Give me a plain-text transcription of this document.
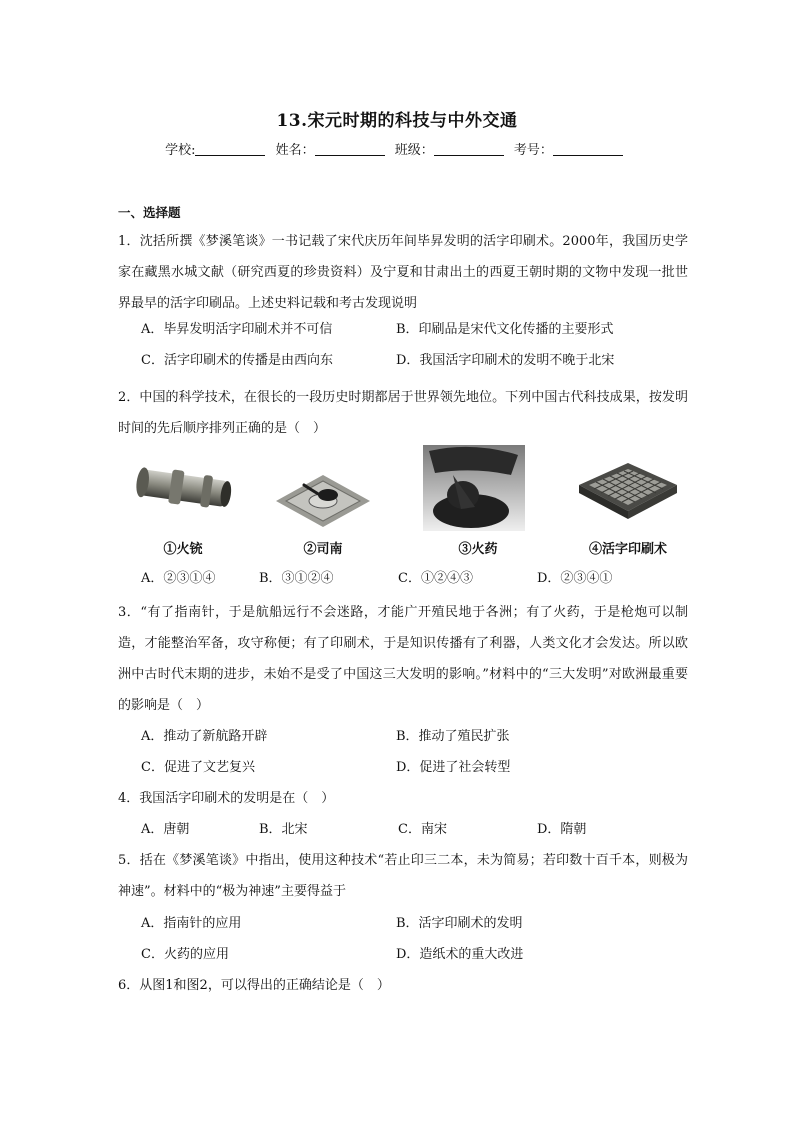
13.宋元时期的科技与中外交通
学校:	姓名：	班级：	考号：
一、选择题
1．沈括所撰《梦溪笔谈》一书记载了宋代庆历年间毕昇发明的活字印刷术。2000年，我国历史学家在藏黑水城文献（研究西夏的珍贵资料）及宁夏和甘肃出土的西夏王朝时期的文物中发现一批世界最早的活字印刷品。上述史料记载和考古发现说明
A．毕昇发明活字印刷术并不可信	B．印刷品是宋代文化传播的主要形式
C．活字印刷术的传播是由西向东	D．我国活字印刷术的发明不晚于北宋
2．中国的科学技术，在很长的一段历史时期都居于世界领先地位。下列中国古代科技成果，按发明时间的先后顺序排列正确的是（　）
①火铳	②司南	③火药	④活字印刷术
A．②③①④	B．③①②④	C．①②④③	D．②③④①
3．“有了指南针，于是航船远行不会迷路，才能广开殖民地于各洲；有了火药，于是枪炮可以制造，才能整治军备，攻守称便；有了印刷术，于是知识传播有了利器，人类文化才会发达。所以欧洲中古时代末期的进步，未始不是受了中国这三大发明的影响。”材料中的“三大发明”对欧洲最重要的影响是（　）
A．推动了新航路开辟	B．推动了殖民扩张
C．促进了文艺复兴	D．促进了社会转型
4．我国活字印刷术的发明是在（　）
A．唐朝	B．北宋	C．南宋	D．隋朝
5．括在《梦溪笔谈》中指出，使用这种技术“若止印三二本，未为简易；若印数十百千本，则极为神速”。材料中的“极为神速”主要得益于
A．指南针的应用	B．活字印刷术的发明
C．火药的应用	D．造纸术的重大改进
6．从图1和图2，可以得出的正确结论是（　）
